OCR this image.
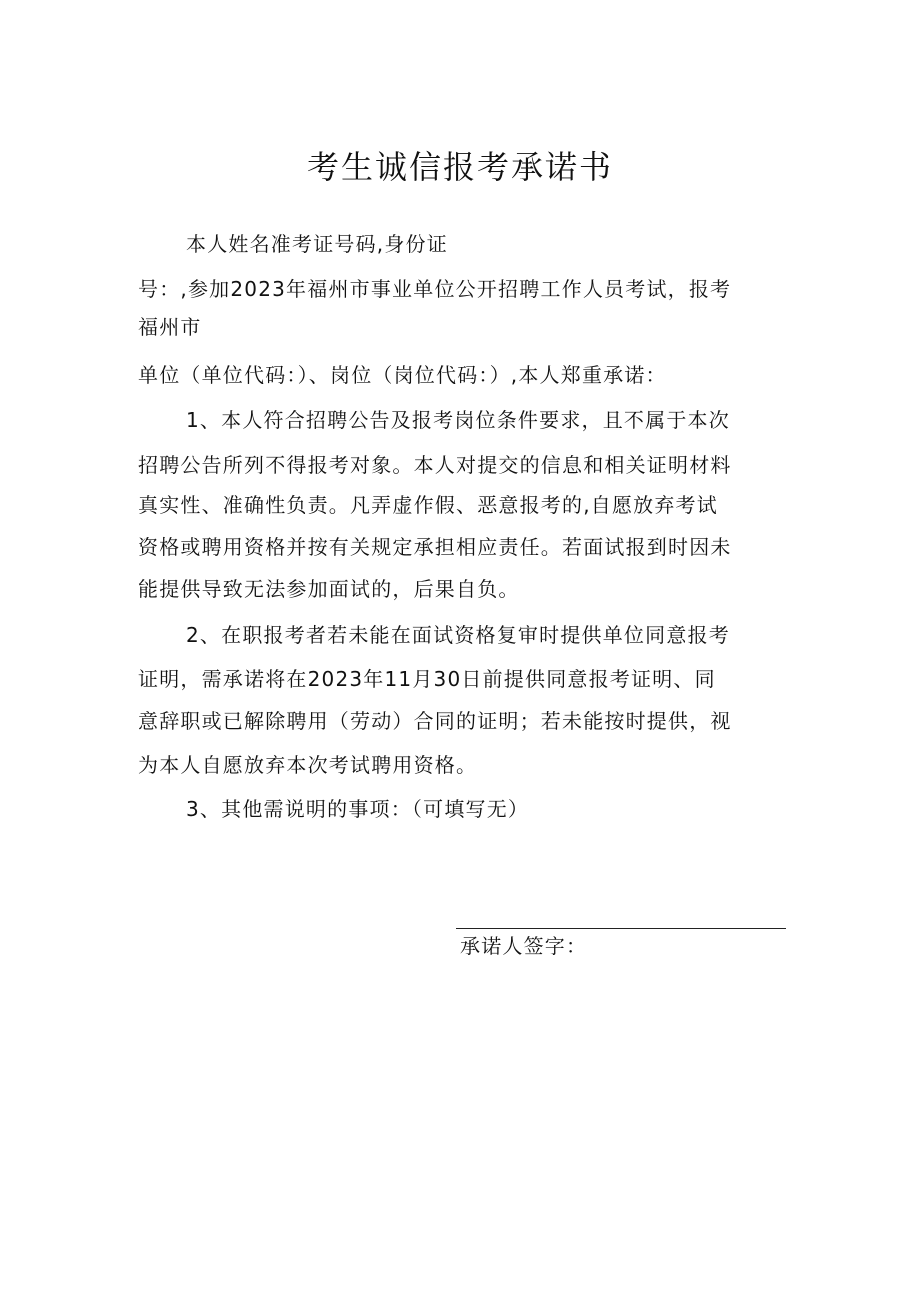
考生诚信报考承诺书
本人姓名准考证号码,身份证
号：,参加2023年福州市事业单位公开招聘工作人员考试，报考
福州市
单位（单位代码：）、岗位（岗位代码：）,本人郑重承诺：
1、本人符合招聘公告及报考岗位条件要求，且不属于本次
招聘公告所列不得报考对象。本人对提交的信息和相关证明材料
真实性、准确性负责。凡弄虚作假、恶意报考的,自愿放弃考试
资格或聘用资格并按有关规定承担相应责任。若面试报到时因未
能提供导致无法参加面试的，后果自负。
2、在职报考者若未能在面试资格复审时提供单位同意报考
证明，需承诺将在2023年11月30日前提供同意报考证明、同
意辞职或已解除聘用（劳动）合同的证明；若未能按时提供，视
为本人自愿放弃本次考试聘用资格。
3、其他需说明的事项：（可填写无）
承诺人签字：
